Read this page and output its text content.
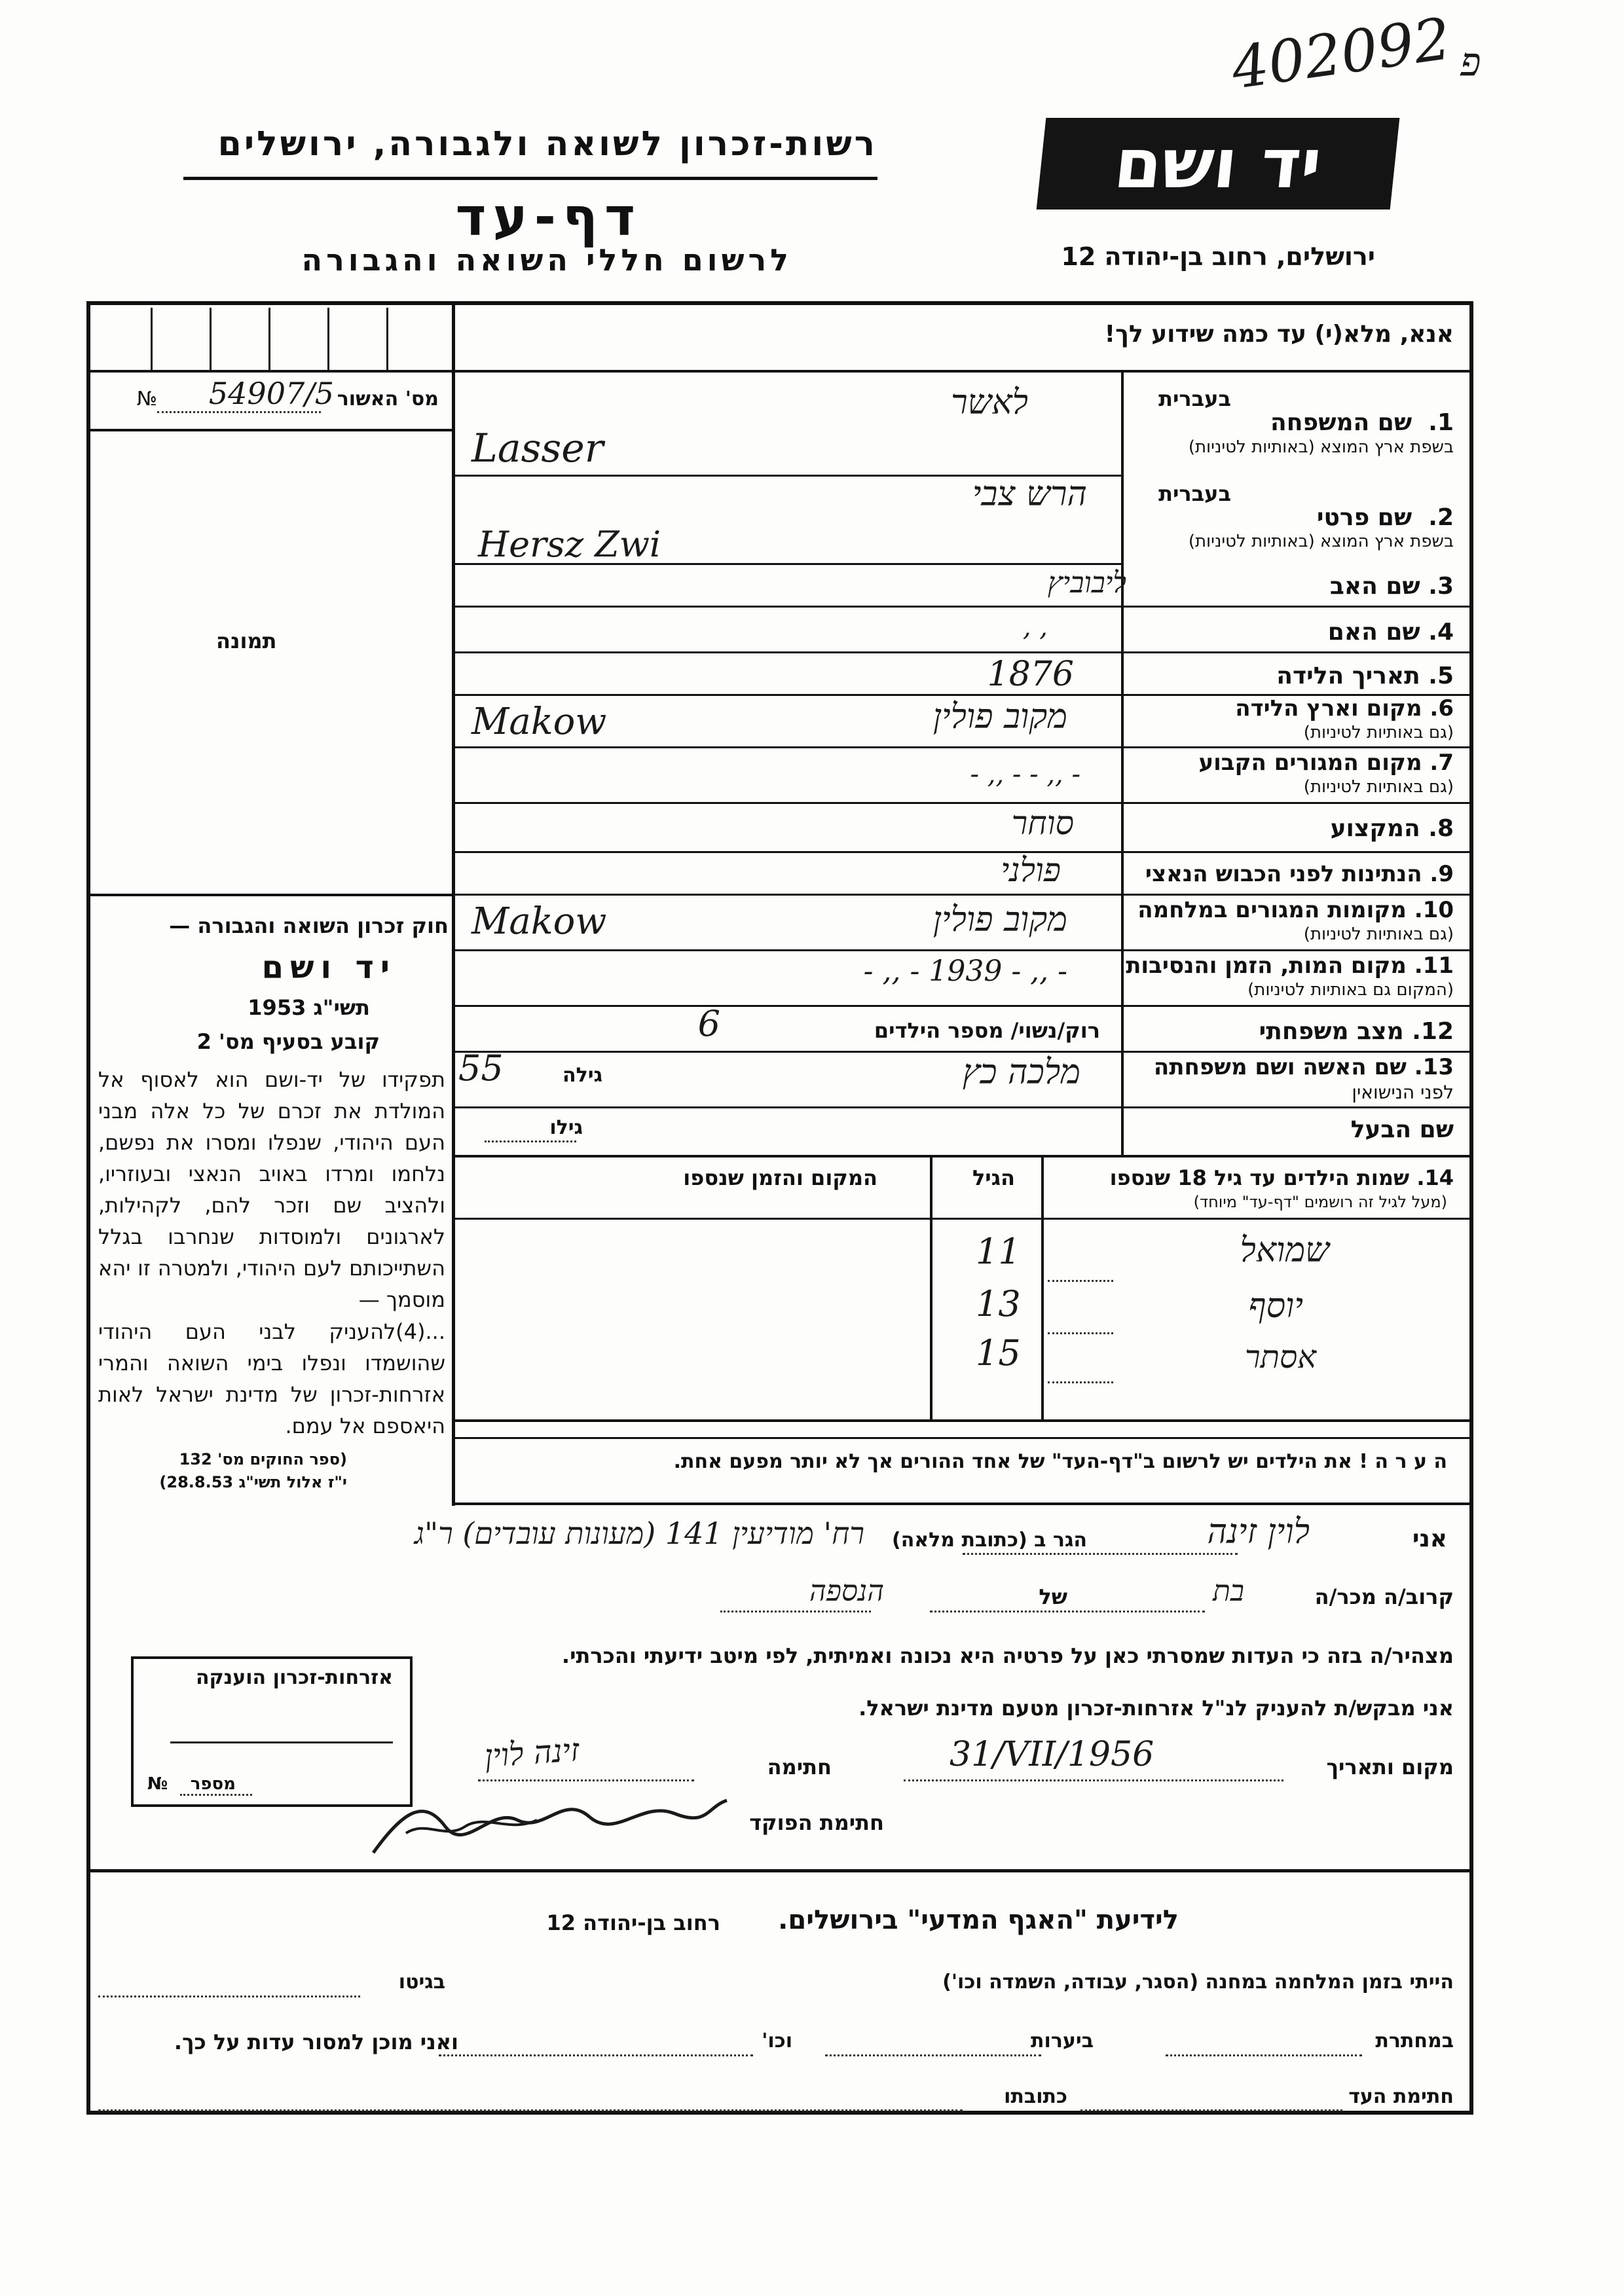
402092 פ
יד ושם
ירושלים, רחוב בן-יהודה 12
רשות-זכרון לשואה ולגבורה, ירושלים
דף-עד
לרשום חללי השואה והגבורה
אנא, מלא(י) עד כמה שידוע לך!
מס' האשור
54907/5
№
תמונה
בעברית
1.  שם המשפחה
בשפת ארץ המוצא (באותיות לטיניות)
לאשר
Lasser
בעברית
2.  שם פרטי
בשפת ארץ המוצא (באותיות לטיניות)
הרש צבי
Hersz Zwi
3. שם האב
ליבוביץ
4. שם האם
, ,
5. תאריך הלידה
1876
6. מקום וארץ הלידה
(גם באותיות לטיניות)
מקוב פולין
Makow
7. מקום המגורים הקבוע
(גם באותיות לטיניות)
- ,, - - ,, -
8. המקצוע
סוחר
9. הנתינות לפני הכבוש הנאצי
פולני
10. מקומות המגורים במלחמה
(גם באותיות לטיניות)
מקוב פולין
Makow
11. מקום המות, הזמן והנסיבות
(המקום גם באותיות לטיניות)
- ,, - 1939 - ,, -
12. מצב משפחתי
רוק/נשוי/ מספר הילדים
6
13. שם האשה ושם משפחתה
לפני הנישואין
מלכה כץ
גילה
55
שם הבעל
גילו
חוק זכרון השואה והגבורה —
יד ושם
תשי"ג 1953
קובע בסעיף מס' 2
תפקידו של יד-ושם הוא לאסוף אל המולדת את זכרם של כל אלה מבני העם היהודי, שנפלו ומסרו את נפשם, נלחמו ומרדו באויב הנאצי ובעוזריו, ולהציב שם וזכר להם, לקהילות, לארגונים ולמוסדות שנחרבו בגלל השתייכותם לעם היהודי, ולמטרה זו יהא מוסמך —
...(4)להעניק לבני העם היהודי שהושמדו ונפלו בימי השואה והמרי אזרחות-זכרון של מדינת ישראל לאות היאספם אל עמם.
(ספר החוקים מס' 132
י"ז אלול תשי"ג 28.8.53)
14. שמות הילדים עד גיל 18 שנספו
(מעל לגיל זה רושמים "דף-עד" מיוחד)
הגיל
המקום והזמן שנספו
שמואל
11
יוסף
13
אסתר
15
ה ע ר ה ! את הילדים יש לרשום ב"דף-העד" של אחד ההורים אך לא יותר מפעם אחת.
אני
לוין זינה
הגר ב (כתובת מלאה)
רח' מודיעין 141 (מעונות עובדים) ר"ג
קרוב/ה מכר/ה
בת
של
הנספה
מצהיר/ה בזה כי העדות שמסרתי כאן על פרטיה היא נכונה ואמיתית, לפי מיטב ידיעתי והכרתי.
אני מבקש/ת להעניק לנ"ל אזרחות-זכרון מטעם מדינת ישראל.
מקום ותאריך
31/VII/1956
חתימה
זינה לוין
חתימת הפוקד
אזרחות-זכרון הוענקה
מספר
№
לידיעת "האגף המדעי" בירושלים.
רחוב בן-יהודה 12
הייתי בזמן המלחמה במחנה (הסגר, עבודה, השמדה וכו')
בגיטו
במחתרת
ביערות
וכו'
ואני מוכן למסור עדות על כך.
חתימת העד
כתובתו
